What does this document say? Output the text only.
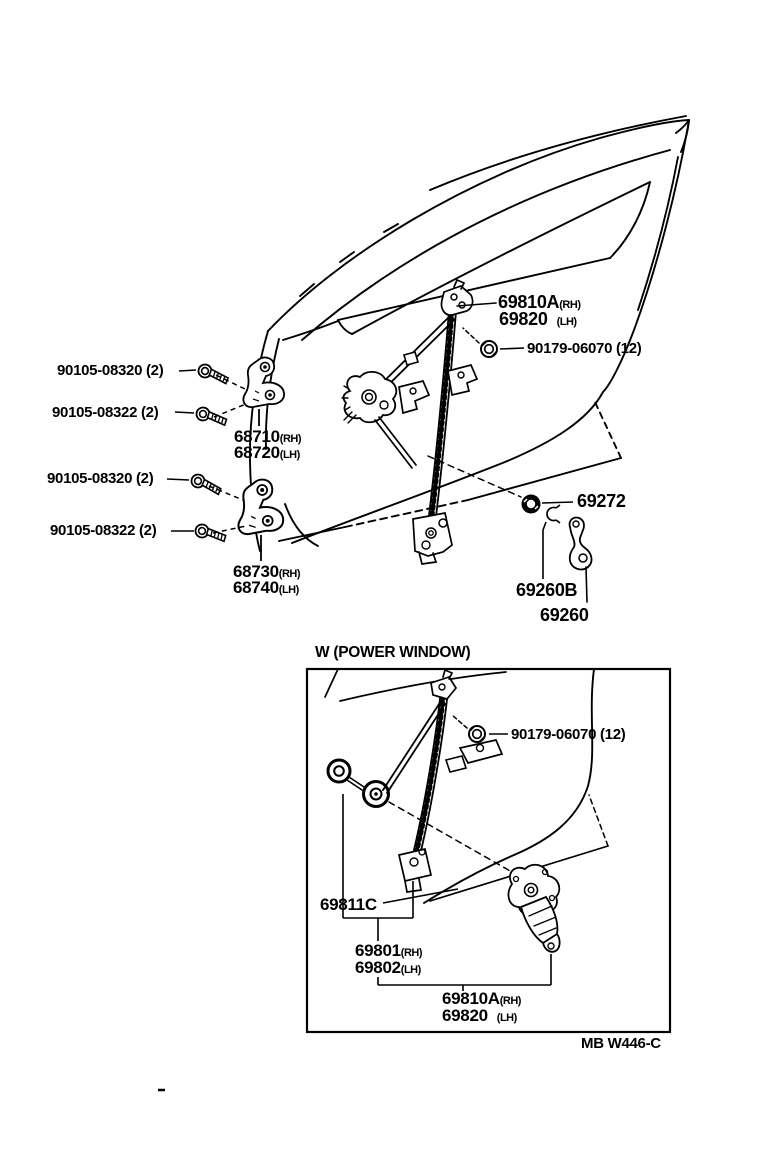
90105-08320 (2)
90105-08322 (2)
68710(RH)
68720(LH)
90105-08320 (2)
90105-08322 (2)
68730(RH)
68740(LH)
69810A(RH)
69820 (LH)
90179-06070 (12)
69272
69260B
69260
W (POWER WINDOW)
90179-06070 (12)
69811C
69801(RH)
69802(LH)
69810A(RH)
69820 (LH)
MB W446-C
